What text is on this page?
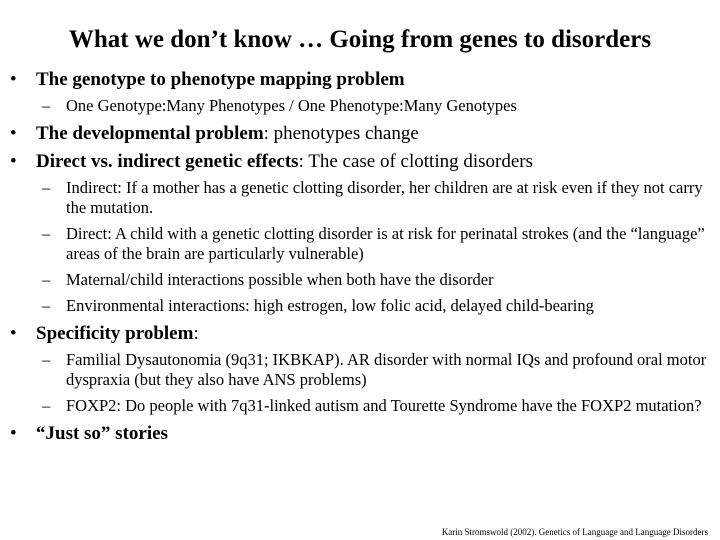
What we don’t know … Going from genes to disorders
• The genotype to phenotype mapping problem
– One Genotype:Many Phenotypes / One Phenotype:Many Genotypes
• The developmental problem: phenotypes change
• Direct vs. indirect genetic effects: The case of clotting disorders
– Indirect: If a mother has a genetic clotting disorder, her children are at risk even if they not carry the mutation.
– Direct: A child with a genetic clotting disorder is at risk for perinatal strokes (and the “language” areas of the brain are particularly vulnerable)
– Maternal/child interactions possible when both have the disorder
– Environmental interactions: high estrogen, low folic acid, delayed child-bearing
• Specificity problem:
– Familial Dysautonomia (9q31; IKBKAP). AR disorder with normal IQs and profound oral motor dyspraxia (but they also have ANS problems)
– FOXP2: Do people with 7q31-linked autism and Tourette Syndrome have the FOXP2 mutation?
• “Just so” stories
Karin Stromswold (2002). Genetics of Language and Language Disorders
